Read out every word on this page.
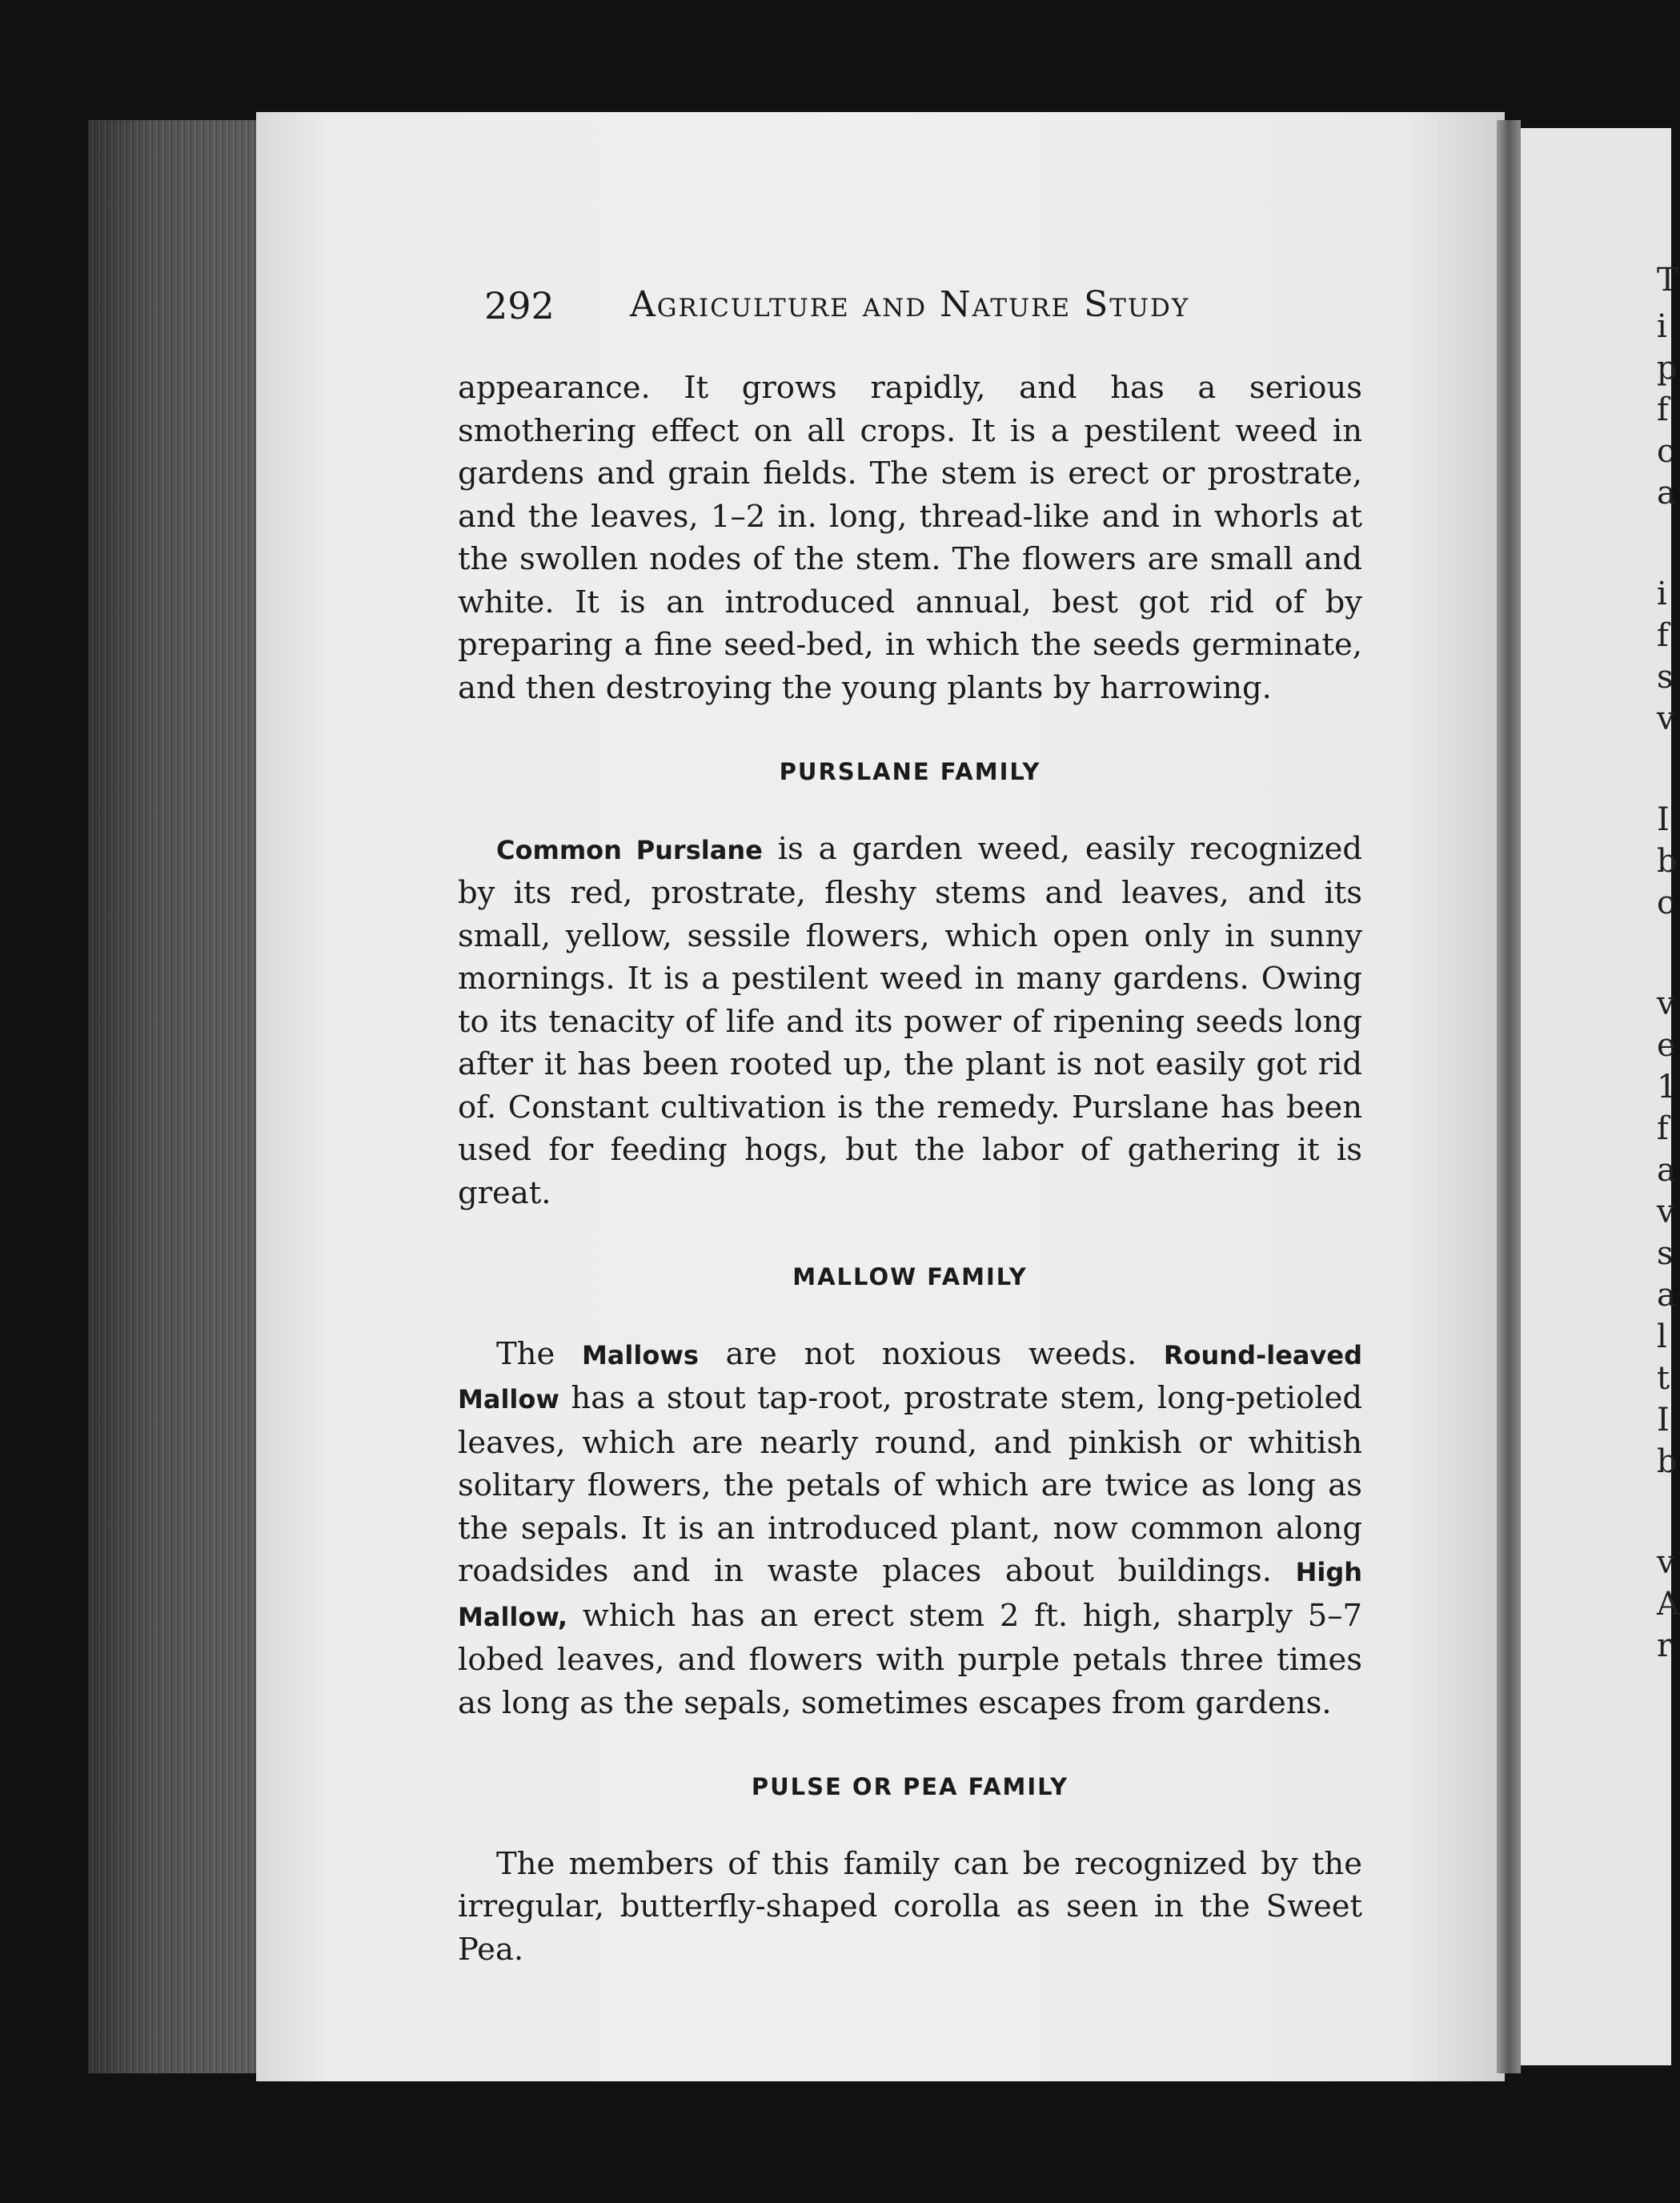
T
i
p
f
c
a
i
f
s
v
I
b
c
v
e
1
f
a
v
s
a
l
t
I
b
v
A
r
292 Agriculture and Nature Study

appearance. It grows rapidly, and has a serious smothering effect on all crops. It is a pestilent weed in gardens and grain fields. The stem is erect or prostrate, and the leaves, 1–2 in. long, thread-like and in whorls at the swollen nodes of the stem. The flowers are small and white. It is an introduced annual, best got rid of by preparing a fine seed-bed, in which the seeds germinate, and then destroying the young plants by harrowing.

PURSLANE FAMILY

Common Purslane is a garden weed, easily recognized by its red, prostrate, fleshy stems and leaves, and its small, yellow, sessile flowers, which open only in sunny mornings. It is a pestilent weed in many gardens. Owing to its tenacity of life and its power of ripening seeds long after it has been rooted up, the plant is not easily got rid of. Constant cultivation is the remedy. Purslane has been used for feeding hogs, but the labor of gathering it is great.

MALLOW FAMILY

The Mallows are not noxious weeds. Round-leaved Mallow has a stout tap-root, prostrate stem, long-petioled leaves, which are nearly round, and pinkish or whitish solitary flowers, the petals of which are twice as long as the sepals. It is an introduced plant, now common along roadsides and in waste places about buildings. High Mallow, which has an erect stem 2 ft. high, sharply 5–7 lobed leaves, and flowers with purple petals three times as long as the sepals, sometimes escapes from gardens.

PULSE OR PEA FAMILY

The members of this family can be recognized by the irregular, butterfly-shaped corolla as seen in the Sweet Pea.
